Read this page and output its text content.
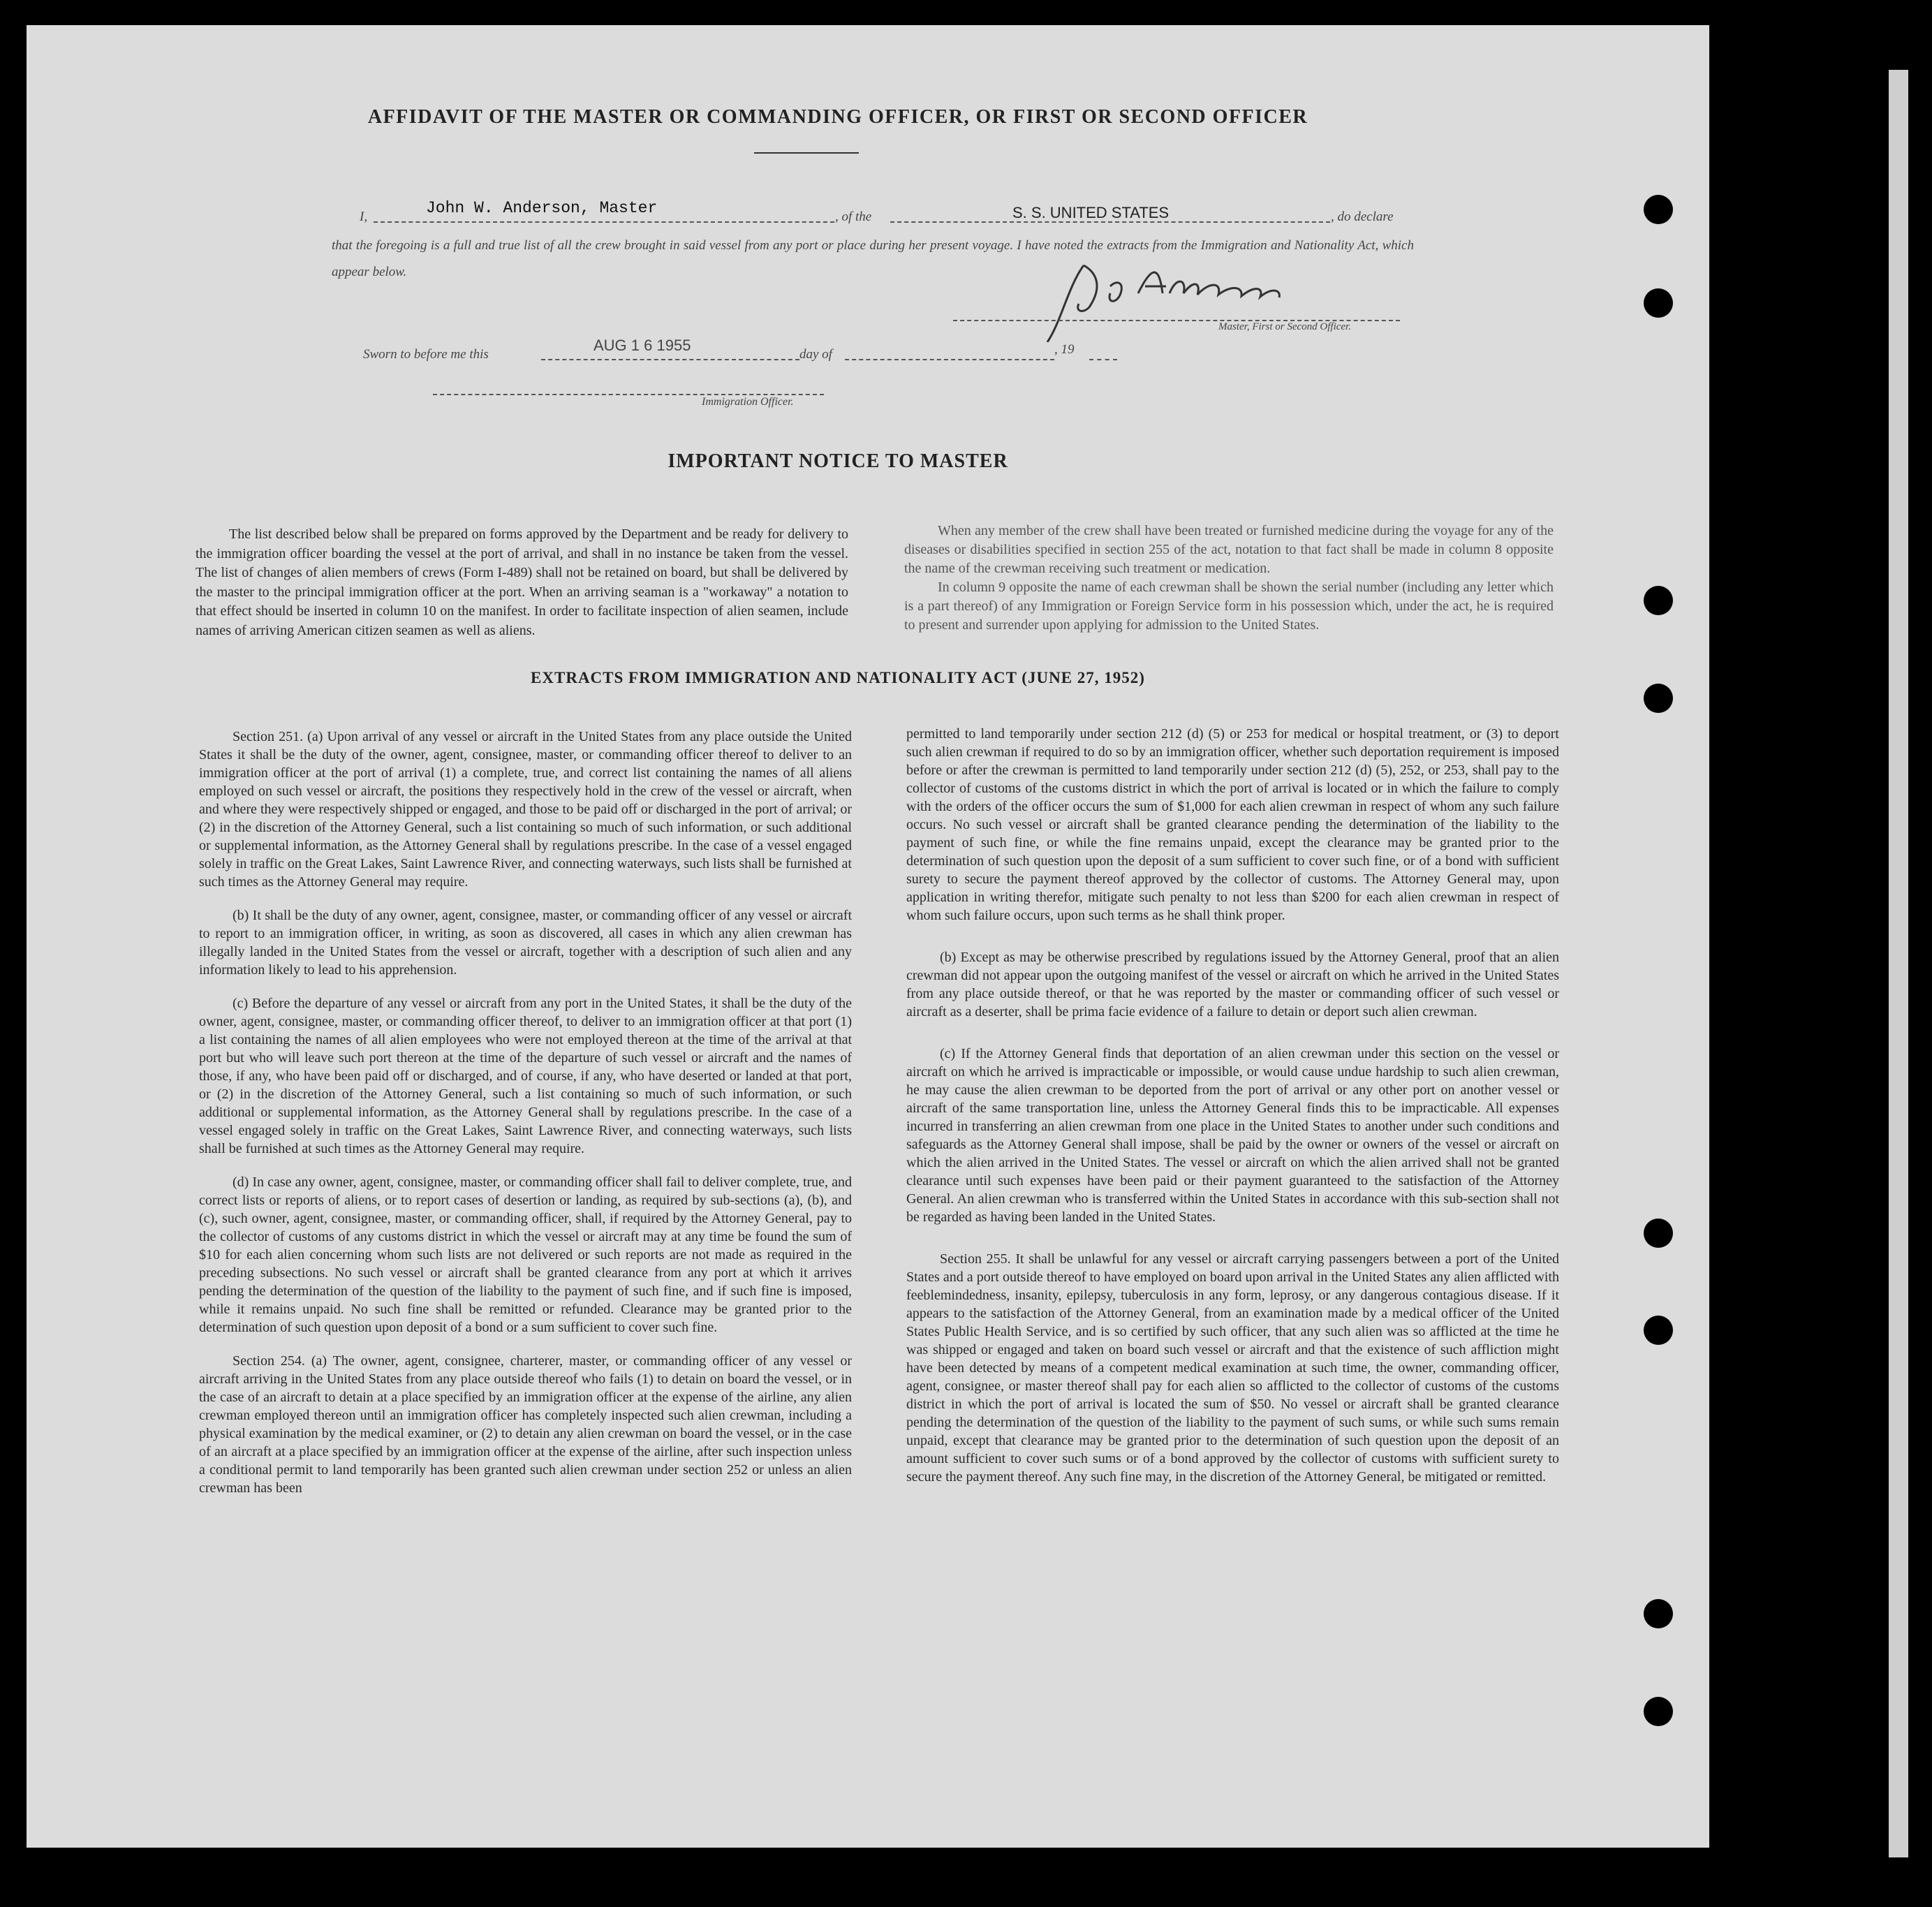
AFFIDAVIT OF THE MASTER OR COMMANDING OFFICER, OR FIRST OR SECOND OFFICER
I,	John W. Anderson, Master	, of the	S. S. UNITED STATES	, do declare
that the foregoing is a full and true list of all the crew brought in said vessel from any port or place during her present voyage. I have noted the extracts from the Immigration and Nationality Act, which appear below.
Master, First or Second Officer.
Sworn to before me this
AUG 1 6 1955
day of	, 19
Immigration Officer.
IMPORTANT NOTICE TO MASTER

The list described below shall be prepared on forms approved by the Department and be ready for delivery to the immigration officer boarding the vessel at the port of arrival, and shall in no instance be taken from the vessel. The list of changes of alien members of crews (Form I-489) shall not be retained on board, but shall be delivered by the master to the principal immigration officer at the port. When an arriving seaman is a "workaway" a notation to that effect should be inserted in column 10 on the manifest. In order to facilitate inspection of alien seamen, include names of arriving American citizen seamen as well as aliens.

When any member of the crew shall have been treated or furnished medicine during the voyage for any of the diseases or disabilities specified in section 255 of the act, notation to that fact shall be made in column 8 opposite the name of the crewman receiving such treatment or medication.

In column 9 opposite the name of each crewman shall be shown the serial number (including any letter which is a part thereof) of any Immigration or Foreign Service form in his possession which, under the act, he is required to present and surrender upon applying for admission to the United States.

EXTRACTS FROM IMMIGRATION AND NATIONALITY ACT (JUNE 27, 1952)

Section 251. (a) Upon arrival of any vessel or aircraft in the United States from any place outside the United States it shall be the duty of the owner, agent, consignee, master, or commanding officer thereof to deliver to an immigration officer at the port of arrival (1) a complete, true, and correct list containing the names of all aliens employed on such vessel or aircraft, the positions they respectively hold in the crew of the vessel or aircraft, when and where they were respectively shipped or engaged, and those to be paid off or discharged in the port of arrival; or (2) in the discretion of the Attorney General, such a list containing so much of such information, or such additional or supplemental information, as the Attorney General shall by regulations prescribe. In the case of a vessel engaged solely in traffic on the Great Lakes, Saint Lawrence River, and connecting waterways, such lists shall be furnished at such times as the Attorney General may require.

(b) It shall be the duty of any owner, agent, consignee, master, or commanding officer of any vessel or aircraft to report to an immigration officer, in writing, as soon as discovered, all cases in which any alien crewman has illegally landed in the United States from the vessel or aircraft, together with a description of such alien and any information likely to lead to his apprehension.

(c) Before the departure of any vessel or aircraft from any port in the United States, it shall be the duty of the owner, agent, consignee, master, or commanding officer thereof, to deliver to an immigration officer at that port (1) a list containing the names of all alien employees who were not employed thereon at the time of the arrival at that port but who will leave such port thereon at the time of the departure of such vessel or aircraft and the names of those, if any, who have been paid off or discharged, and of course, if any, who have deserted or landed at that port, or (2) in the discretion of the Attorney General, such a list containing so much of such information, or such additional or supplemental information, as the Attorney General shall by regulations prescribe. In the case of a vessel engaged solely in traffic on the Great Lakes, Saint Lawrence River, and connecting waterways, such lists shall be furnished at such times as the Attorney General may require.

(d) In case any owner, agent, consignee, master, or commanding officer shall fail to deliver complete, true, and correct lists or reports of aliens, or to report cases of desertion or landing, as required by sub-sections (a), (b), and (c), such owner, agent, consignee, master, or commanding officer, shall, if required by the Attorney General, pay to the collector of customs of any customs district in which the vessel or aircraft may at any time be found the sum of $10 for each alien concerning whom such lists are not delivered or such reports are not made as required in the preceding subsections. No such vessel or aircraft shall be granted clearance from any port at which it arrives pending the determination of the question of the liability to the payment of such fine, and if such fine is imposed, while it remains unpaid. No such fine shall be remitted or refunded. Clearance may be granted prior to the determination of such question upon deposit of a bond or a sum sufficient to cover such fine.

Section 254. (a) The owner, agent, consignee, charterer, master, or commanding officer of any vessel or aircraft arriving in the United States from any place outside thereof who fails (1) to detain on board the vessel, or in the case of an aircraft to detain at a place specified by an immigration officer at the expense of the airline, any alien crewman employed thereon until an immigration officer has completely inspected such alien crewman, including a physical examination by the medical examiner, or (2) to detain any alien crewman on board the vessel, or in the case of an aircraft at a place specified by an immigration officer at the expense of the airline, after such inspection unless a conditional permit to land temporarily has been granted such alien crewman under section 252 or unless an alien crewman has been

permitted to land temporarily under section 212 (d) (5) or 253 for medical or hospital treatment, or (3) to deport such alien crewman if required to do so by an immigration officer, whether such deportation requirement is imposed before or after the crewman is permitted to land temporarily under section 212 (d) (5), 252, or 253, shall pay to the collector of customs of the customs district in which the port of arrival is located or in which the failure to comply with the orders of the officer occurs the sum of $1,000 for each alien crewman in respect of whom any such failure occurs. No such vessel or aircraft shall be granted clearance pending the determination of the liability to the payment of such fine, or while the fine remains unpaid, except the clearance may be granted prior to the determination of such question upon the deposit of a sum sufficient to cover such fine, or of a bond with sufficient surety to secure the payment thereof approved by the collector of customs. The Attorney General may, upon application in writing therefor, mitigate such penalty to not less than $200 for each alien crewman in respect of whom such failure occurs, upon such terms as he shall think proper.

(b) Except as may be otherwise prescribed by regulations issued by the Attorney General, proof that an alien crewman did not appear upon the outgoing manifest of the vessel or aircraft on which he arrived in the United States from any place outside thereof, or that he was reported by the master or commanding officer of such vessel or aircraft as a deserter, shall be prima facie evidence of a failure to detain or deport such alien crewman.

(c) If the Attorney General finds that deportation of an alien crewman under this section on the vessel or aircraft on which he arrived is impracticable or impossible, or would cause undue hardship to such alien crewman, he may cause the alien crewman to be deported from the port of arrival or any other port on another vessel or aircraft of the same transportation line, unless the Attorney General finds this to be impracticable. All expenses incurred in transferring an alien crewman from one place in the United States to another under such conditions and safeguards as the Attorney General shall impose, shall be paid by the owner or owners of the vessel or aircraft on which the alien arrived in the United States. The vessel or aircraft on which the alien arrived shall not be granted clearance until such expenses have been paid or their payment guaranteed to the satisfaction of the Attorney General. An alien crewman who is transferred within the United States in accordance with this sub-section shall not be regarded as having been landed in the United States.

Section 255. It shall be unlawful for any vessel or aircraft carrying passengers between a port of the United States and a port outside thereof to have employed on board upon arrival in the United States any alien afflicted with feeblemindedness, insanity, epilepsy, tuberculosis in any form, leprosy, or any dangerous contagious disease. If it appears to the satisfaction of the Attorney General, from an examination made by a medical officer of the United States Public Health Service, and is so certified by such officer, that any such alien was so afflicted at the time he was shipped or engaged and taken on board such vessel or aircraft and that the existence of such affliction might have been detected by means of a competent medical examination at such time, the owner, commanding officer, agent, consignee, or master thereof shall pay for each alien so afflicted to the collector of customs of the customs district in which the port of arrival is located the sum of $50. No vessel or aircraft shall be granted clearance pending the determination of the question of the liability to the payment of such sums, or while such sums remain unpaid, except that clearance may be granted prior to the determination of such question upon the deposit of an amount sufficient to cover such sums or of a bond approved by the collector of customs with sufficient surety to secure the payment thereof. Any such fine may, in the discretion of the Attorney General, be mitigated or remitted.
